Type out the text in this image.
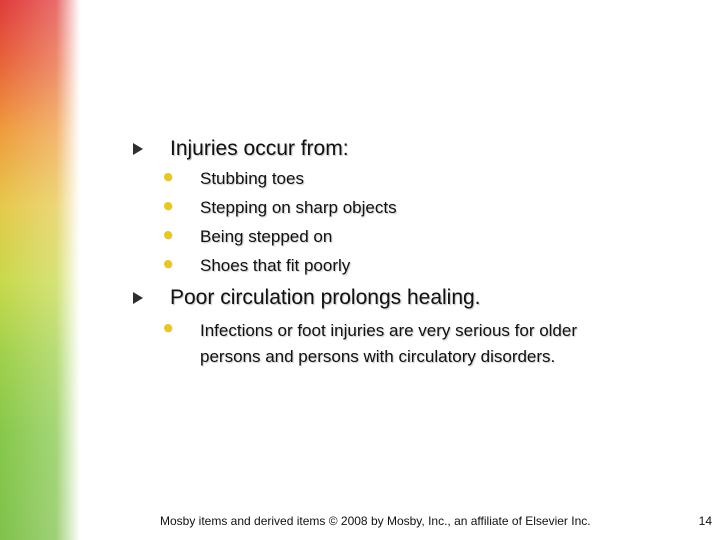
Injuries occur from:
Stubbing toes
Stepping on sharp objects
Being stepped on
Shoes that fit poorly
Poor circulation prolongs healing.
Infections or foot injuries are very serious for older persons and persons with circulatory disorders.
Mosby items and derived items © 2008 by Mosby, Inc., an affiliate of Elsevier Inc.	14
